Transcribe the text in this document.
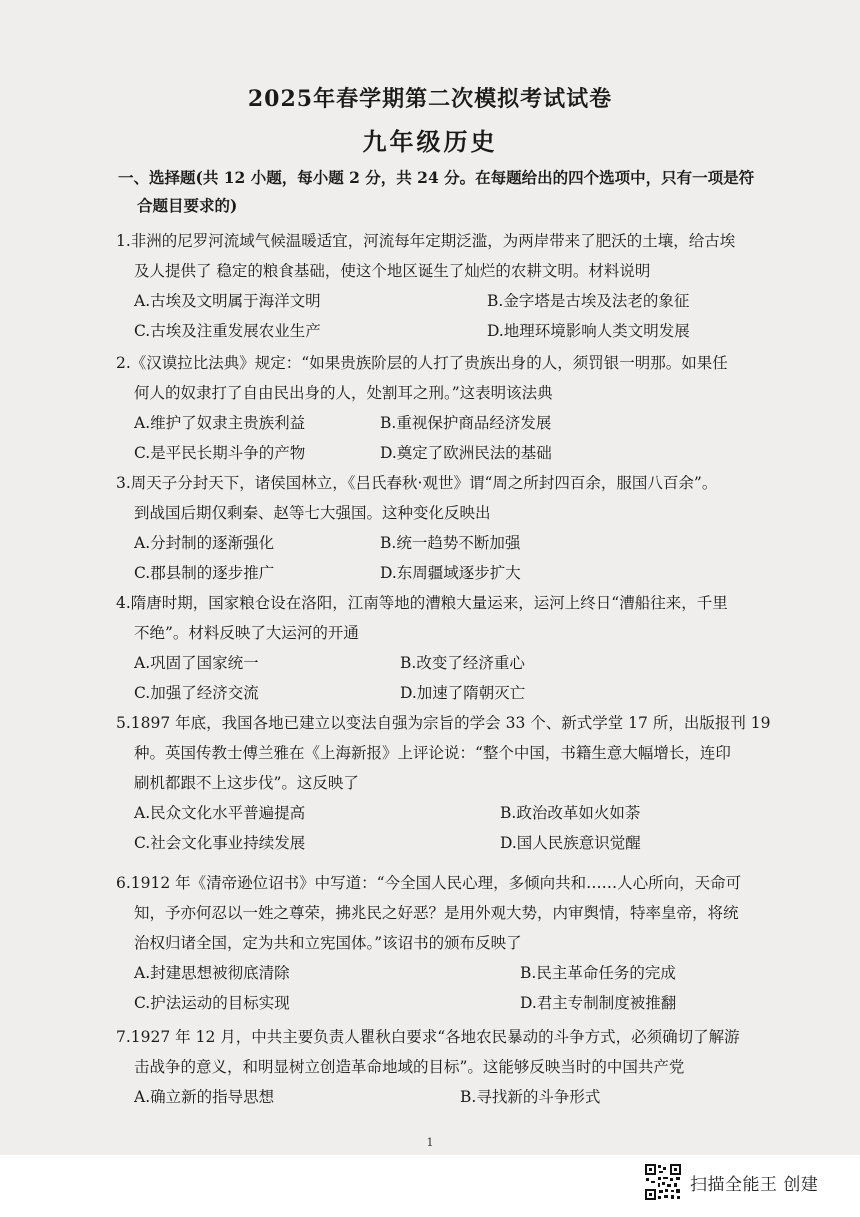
2025年春学期第二次模拟考试试卷
九年级历史
一、选择题(共 12 小题，每小题 2 分，共 24 分。在每题给出的四个选项中，只有一项是符
合题目要求的)
1.非洲的尼罗河流域气候温暖适宜，河流每年定期泛滥，为两岸带来了肥沃的土壤，给古埃
及人提供了 稳定的粮食基础，使这个地区诞生了灿烂的农耕文明。材料说明
A.古埃及文明属于海洋文明	B.金字塔是古埃及法老的象征
C.古埃及注重发展农业生产	D.地理环境影响人类文明发展
2.《汉谟拉比法典》规定：“如果贵族阶层的人打了贵族出身的人，须罚银一明那。如果任
何人的奴隶打了自由民出身的人，处割耳之刑。”这表明该法典
A.维护了奴隶主贵族利益	B.重视保护商品经济发展
C.是平民长期斗争的产物	D.奠定了欧洲民法的基础
3.周天子分封天下，诸侯国林立，《吕氏春秋·观世》谓“周之所封四百余，服国八百余”。
到战国后期仅剩秦、赵等七大强国。这种变化反映出
A.分封制的逐渐强化	B.统一趋势不断加强
C.郡县制的逐步推广	D.东周疆域逐步扩大
4.隋唐时期，国家粮仓设在洛阳，江南等地的漕粮大量运来，运河上终日“漕船往来，千里
不绝”。材料反映了大运河的开通
A.巩固了国家统一	B.改变了经济重心
C.加强了经济交流	D.加速了隋朝灭亡
5.1897 年底，我国各地已建立以变法自强为宗旨的学会 33 个、新式学堂 17 所，出版报刊 19
种。英国传教士傅兰雅在《上海新报》上评论说：“整个中国，书籍生意大幅增长，连印
刷机都跟不上这步伐”。这反映了
A.民众文化水平普遍提高	B.政治改革如火如荼
C.社会文化事业持续发展	D.国人民族意识觉醒
6.1912 年《清帝逊位诏书》中写道：“今全国人民心理，多倾向共和……人心所向，天命可
知，予亦何忍以一姓之尊荣，拂兆民之好恶？是用外观大势，内审舆情，特率皇帝，将统
治权归诸全国，定为共和立宪国体。”该诏书的颁布反映了
A.封建思想被彻底清除	B.民主革命任务的完成
C.护法运动的目标实现	D.君主专制制度被推翻
7.1927 年 12 月，中共主要负责人瞿秋白要求“各地农民暴动的斗争方式，必须确切了解游
击战争的意义，和明显树立创造革命地域的目标”。这能够反映当时的中国共产党
A.确立新的指导思想	B.寻找新的斗争形式
1
扫描全能王 创建
